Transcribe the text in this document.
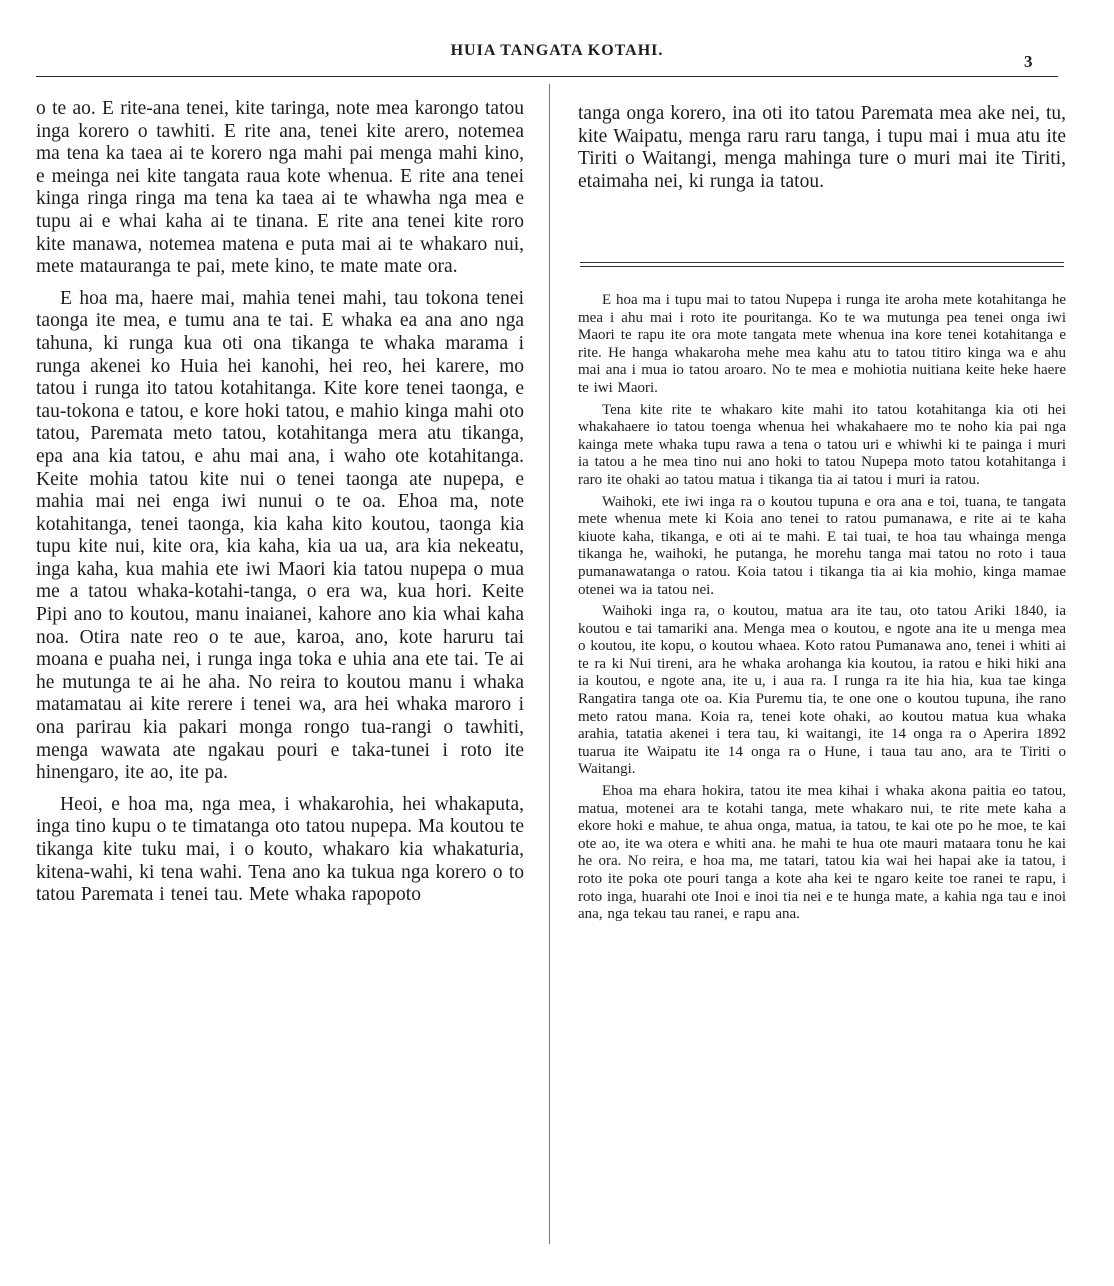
HUIA TANGATA KOTAHI.
3

o te ao. E rite-ana tenei, kite taringa, note mea karongo tatou inga korero o tawhiti. E rite ana, tenei kite arero, notemea ma tena ka taea ai te korero nga mahi pai menga mahi kino, e meinga nei kite tangata raua kote whenua. E rite ana tenei kinga ringa ringa ma tena ka taea ai te whawha nga mea e tupu ai e whai kaha ai te tinana. E rite ana tenei kite roro kite manawa, notemea matena e puta mai ai te whakaro nui, mete matauranga te pai, mete kino, te mate mate ora.

E hoa ma, haere mai, mahia tenei mahi, tau tokona tenei taonga ite mea, e tumu ana te tai. E whaka ea ana ano nga tahuna, ki runga kua oti ona tikanga te whaka marama i runga akenei ko Huia hei kanohi, hei reo, hei karere, mo tatou i runga ito tatou kotahitanga. Kite kore tenei taonga, e tau-tokona e tatou, e kore hoki tatou, e mahio kinga mahi oto tatou, Parematа meto tatou, kotahitanga mera atu tikanga, epa ana kia tatou, e ahu mai ana, i waho ote kotahitanga. Keite mohia tatou kite nui o tenei taonga ate nupepa, e mahia mai nei enga iwi nunui o te oa. Ehoa ma, note kotahitanga, tenei taonga, kia kaha kito koutou, taonga kia tupu kite nui, kite ora, kia kaha, kia ua ua, ara kia nekeatu, inga kaha, kua mahia ete iwi Maori kia tatou nupepa o mua me a tatou whaka-kotahi-tanga, o era wa, kua hori. Keite Pipi ano to koutou, manu inaianei, kahore ano kia whai kaha noa. Otira nate reo o te aue, karoa, ano, kote haruru tai moana e puaha nei, i runga inga toka e uhia ana ete tai. Te ai he mutunga te ai he aha. No reira to koutou manu i whaka matamatau ai kite rerere i tenei wa, ara hei whaka maroro i ona parirau kia pakari monga rongo tua-rangi o tawhiti, menga wawata ate ngakau pouri e taka-tunei i roto ite hinengaro, ite ao, ite pa.

Heoi, e hoa ma, nga mea, i whakarohia, hei whakaputa, inga tino kupu o te timatanga oto tatou nupepa. Ma koutou te tikanga kite tuku mai, i o kouto, whakaro kia whakaturia, kitena-wahi, ki tena wahi. Tena ano ka tukua nga korero o to tatou Paremata i tenei tau. Mete whaka rapopoto

tanga onga korero, ina oti ito tatou Paremata mea ake nei, tu, kite Waipatu, menga raru raru tanga, i tupu mai i mua atu ite Tiriti o Waitangi, menga mahinga ture o muri mai ite Tiriti, etaimaha nei, ki runga ia tatou.

E hoa ma i tupu mai to tatou Nupepa i runga ite aroha mete kotahitanga he mea i ahu mai i roto ite pouritanga. Ko te wa mutunga pea tenei onga iwi Maori te rapu ite ora mote tangata mete whenua ina kore tenei kotahitanga e rite. He hanga whakaroha mehe mea kahu atu to tatou titiro kinga wa e ahu mai ana i mua io tatou aroaro. No te mea e mohiotia nuitiana keite heke haere te iwi Maori.

Tena kite rite te whakaro kite mahi ito tatou kotahitanga kia oti hei whakahaere io tatou toenga whenua hei whakahaere mo te noho kia pai nga kainga mete whaka tupu rawa a tena o tatou uri e whiwhi ki te painga i muri ia tatou a he mea tino nui ano hoki to tatou Nupepa moto tatou kotahitanga i raro ite ohaki ao tatou matua i tikanga tia ai tatou i muri ia ratou.

Waihoki, ete iwi inga ra o koutou tupuna e ora ana e toi, tuana, te tangata mete whenua mete ki Koia ano tenei to ratou pumanawa, e rite ai te kaha kiuote kaha, tikanga, e oti ai te mahi. E tai tuai, te hoa tau whainga menga tikanga he, waihoki, he putanga, he morehu tanga mai tatou no roto i taua pumanawatanga o ratou. Koia tatou i tikanga tia ai kia mohio, kinga mamae otenei wa ia tatou nei.

Waihoki inga ra, o koutou, matua ara ite tau, oto tatou Ariki 1840, ia koutou e tai tamariki ana. Menga mea o koutou, e ngote ana ite u menga mea o koutou, ite kopu, o koutou whaea. Koto ratou Pumanawa ano, tenei i whiti ai te ra ki Nui tireni, ara he whaka arohanga kia koutou, ia ratou e hiki hiki ana ia koutou, e ngote ana, ite u, i aua ra. I runga ra ite hia hia, kua tae kinga Rangatira tanga ote oa. Kia Puremu tia, te one one o koutou tupuna, ihe rano meto ratou mana. Koia ra, tenei kote ohaki, ao koutou matua kua whaka arahia, tatatia akenei i tera tau, ki waitangi, ite 14 onga ra o Aperira 1892 tuarua ite Waipatu ite 14 onga ra o Hune, i taua tau ano, ara te Tiriti o Waitangi.

Ehoa ma ehara hokira, tatou ite mea kihai i whaka akona paitia eo tatou, matua, motenei ara te kotahi tanga, mete whakaro nui, te rite mete kaha a ekore hoki e mahue, te ahua onga, matua, ia tatou, te kai ote po he moe, te kai ote ao, ite wa otera e whiti ana. he mahi te hua ote mauri mataara tonu he kai he ora. No reira, e hoa ma, me tatari, tatou kia wai hei hapai ake ia tatou, i roto ite poka ote pouri tanga a kote aha kei te ngaro keite toe ranei te rapu, i roto inga, huarahi ote Inoi e inoi tia nei e te hunga mate, a kahia nga tau e inoi ana, nga tekau tau ranei, e rapu ana.
